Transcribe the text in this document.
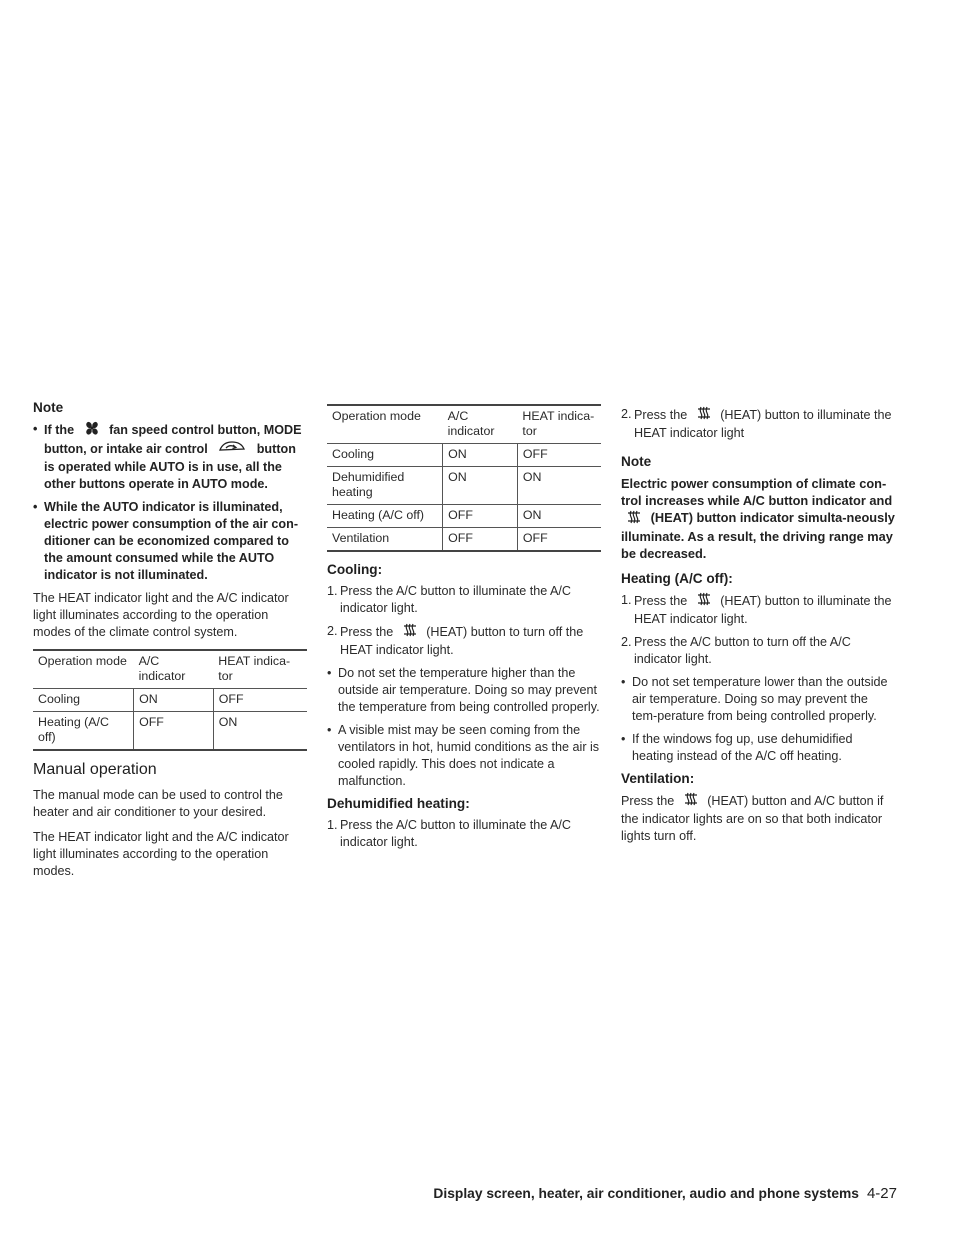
Note
• If the	fan speed control button, MODE button, or intake air control	button is operated while AUTO is in use, all the other buttons operate in AUTO mode.
• While the AUTO indicator is illuminated, electric power consumption of the air con-ditioner can be economized compared to the amount consumed while the AUTO indicator is not illuminated.

The HEAT indicator light and the A/C indicator light illuminates according to the operation modes of the climate control system.

Operation mode	A/C indicator	HEAT indica-tor
Cooling	ON	OFF
Heating (A/C off)	OFF	ON
Manual operation

The manual mode can be used to control the heater and air conditioner to your desired.

The HEAT indicator light and the A/C indicator light illuminates according to the operation modes.

Operation mode	A/C indicator	HEAT indica-tor
Cooling	ON	OFF
Dehumidified heating	ON	ON
Heating (A/C off)	OFF	ON
Ventilation	OFF	OFF
Cooling:
1. Press the A/C button to illuminate the A/C indicator light.
2. Press the	(HEAT) button to turn off the HEAT indicator light.
• Do not set the temperature higher than the outside air temperature. Doing so may prevent the temperature from being controlled properly.
• A visible mist may be seen coming from the ventilators in hot, humid conditions as the air is cooled rapidly. This does not indicate a malfunction.
Dehumidified heating:
1. Press the A/C button to illuminate the A/C indicator light.
2. Press the	(HEAT) button to illuminate the HEAT indicator light
Note

Electric power consumption of climate con-trol increases while A/C button indicator and  (HEAT) button indicator simulta-neously illuminate. As a result, the driving range may be decreased.

Heating (A/C off):
1. Press the	(HEAT) button to illuminate the HEAT indicator light.
2. Press the A/C button to turn off the A/C indicator light.
• Do not set temperature lower than the outside air temperature. Doing so may prevent the tem-perature from being controlled properly.
• If the windows fog up, use dehumidified heating instead of the A/C off heating.
Ventilation:

Press the	(HEAT) button and A/C button if the indicator lights are on so that both indicator lights turn off.

Display screen, heater, air conditioner, audio and phone systems 4-27
